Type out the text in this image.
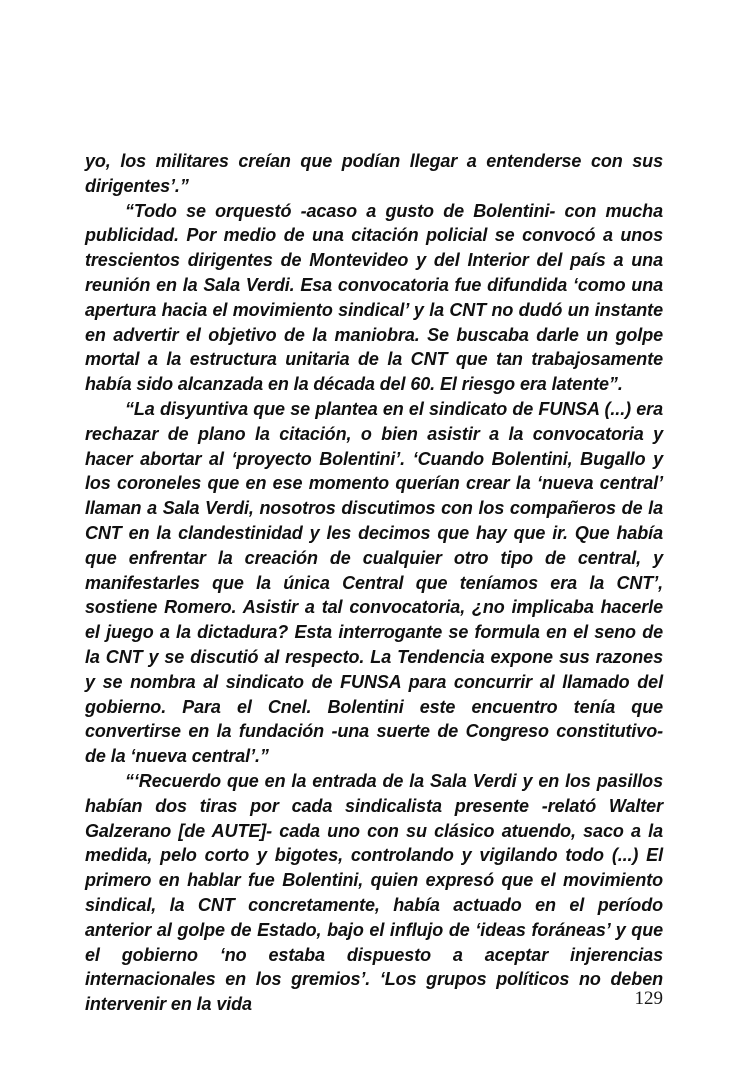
yo, los militares creían que podían llegar a entenderse con sus dirigentes’.”

“Todo se orquestó -acaso a gusto de Bolentini- con mucha publicidad. Por medio de una citación policial se convocó a unos trescientos dirigentes de Montevideo y del Interior del país a una reunión en la Sala Verdi. Esa convocatoria fue difundida ‘como una apertura hacia el movimiento sindical’ y la CNT no dudó un instante en advertir el objetivo de la maniobra. Se buscaba darle un golpe mortal a la estructura unitaria de la CNT que tan trabajosamente había sido alcanzada en la década del 60. El riesgo era latente”.

“La disyuntiva que se plantea en el sindicato de FUNSA (...) era rechazar de plano la citación, o bien asistir a la convocatoria y hacer abortar al ‘proyecto Bolentini’. ‘Cuando Bolentini, Bugallo y los coroneles que en ese momento querían crear la ‘nueva central’ llaman a Sala Verdi, nosotros discutimos con los compañeros de la CNT en la clandestinidad y les decimos que hay que ir. Que había que enfrentar la creación de cualquier otro tipo de central, y manifestarles que la única Central que teníamos era la CNT’, sostiene Romero. Asistir a tal convocatoria, ¿no implicaba hacerle el juego a la dictadura? Esta interrogante se formula en el seno de la CNT y se discutió al respecto. La Tendencia expone sus razones y se nombra al sindicato de FUNSA para concurrir al llamado del gobierno. Para el Cnel. Bolentini este encuentro tenía que convertirse en la fundación -una suerte de Congreso constitutivo- de la ‘nueva central’.”

“‘Recuerdo que en la entrada de la Sala Verdi y en los pasillos habían dos tiras por cada sindicalista presente -relató Walter Galzerano [de AUTE]- cada uno con su clásico atuendo, saco a la medida, pelo corto y bigotes, controlando y vigilando todo (...) El primero en hablar fue Bolentini, quien expresó que el movimiento sindical, la CNT concretamente, había actuado en el período anterior al golpe de Estado, bajo el influjo de ‘ideas foráneas’ y que el gobierno ‘no estaba dispuesto a aceptar injerencias internacionales en los gremios’. ‘Los grupos políticos no deben intervenir en la vida	129
